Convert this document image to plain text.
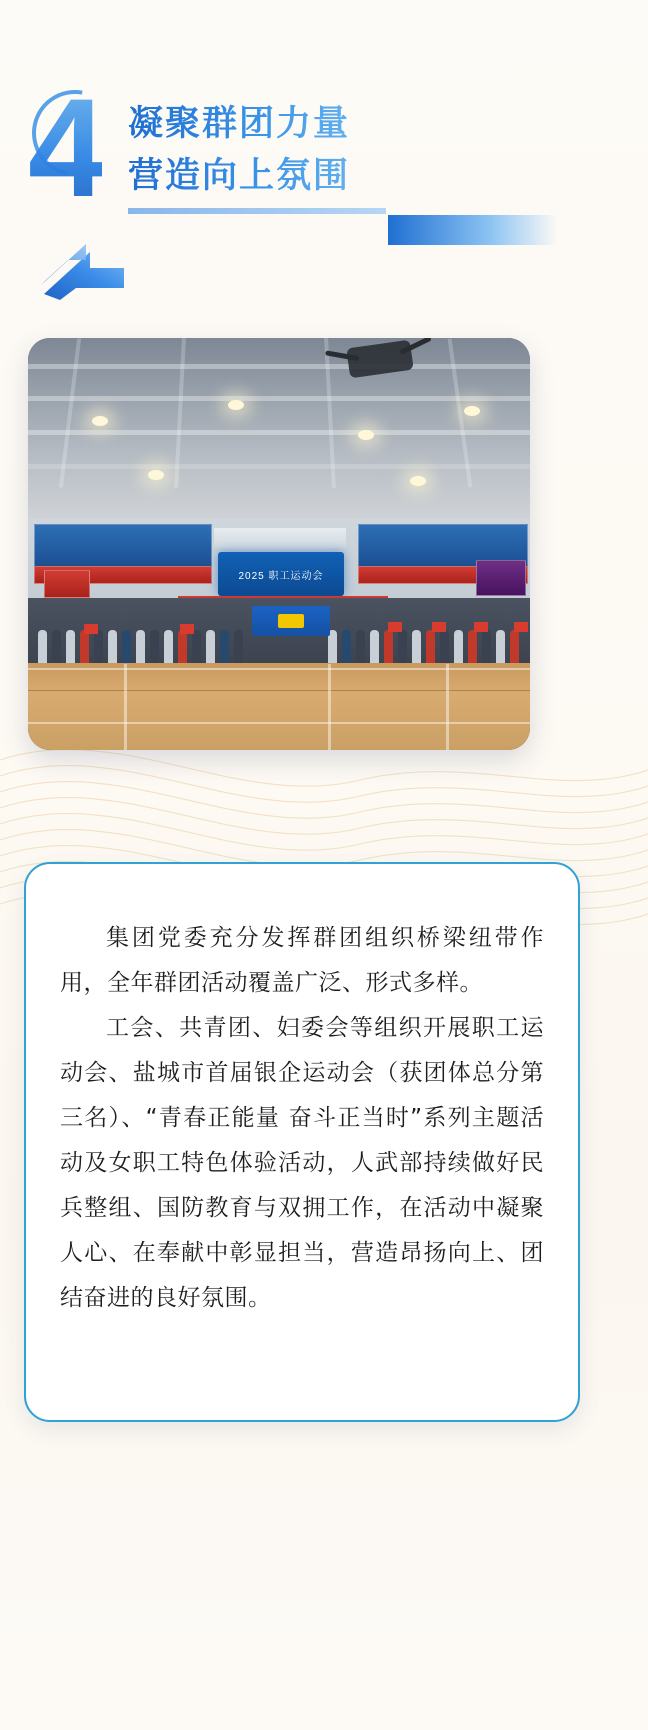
4 凝聚群团力量
营造向上氛围
2025 职工运动会

集团党委充分发挥群团组织桥梁纽带作用，全年群团活动覆盖广泛、形式多样。

工会、共青团、妇委会等组织开展职工运动会、盐城市首届银企运动会（获团体总分第三名）、“青春正能量 奋斗正当时”系列主题活动及女职工特色体验活动，人武部持续做好民兵整组、国防教育与双拥工作，在活动中凝聚人心、在奉献中彰显担当，营造昂扬向上、团结奋进的良好氛围。
